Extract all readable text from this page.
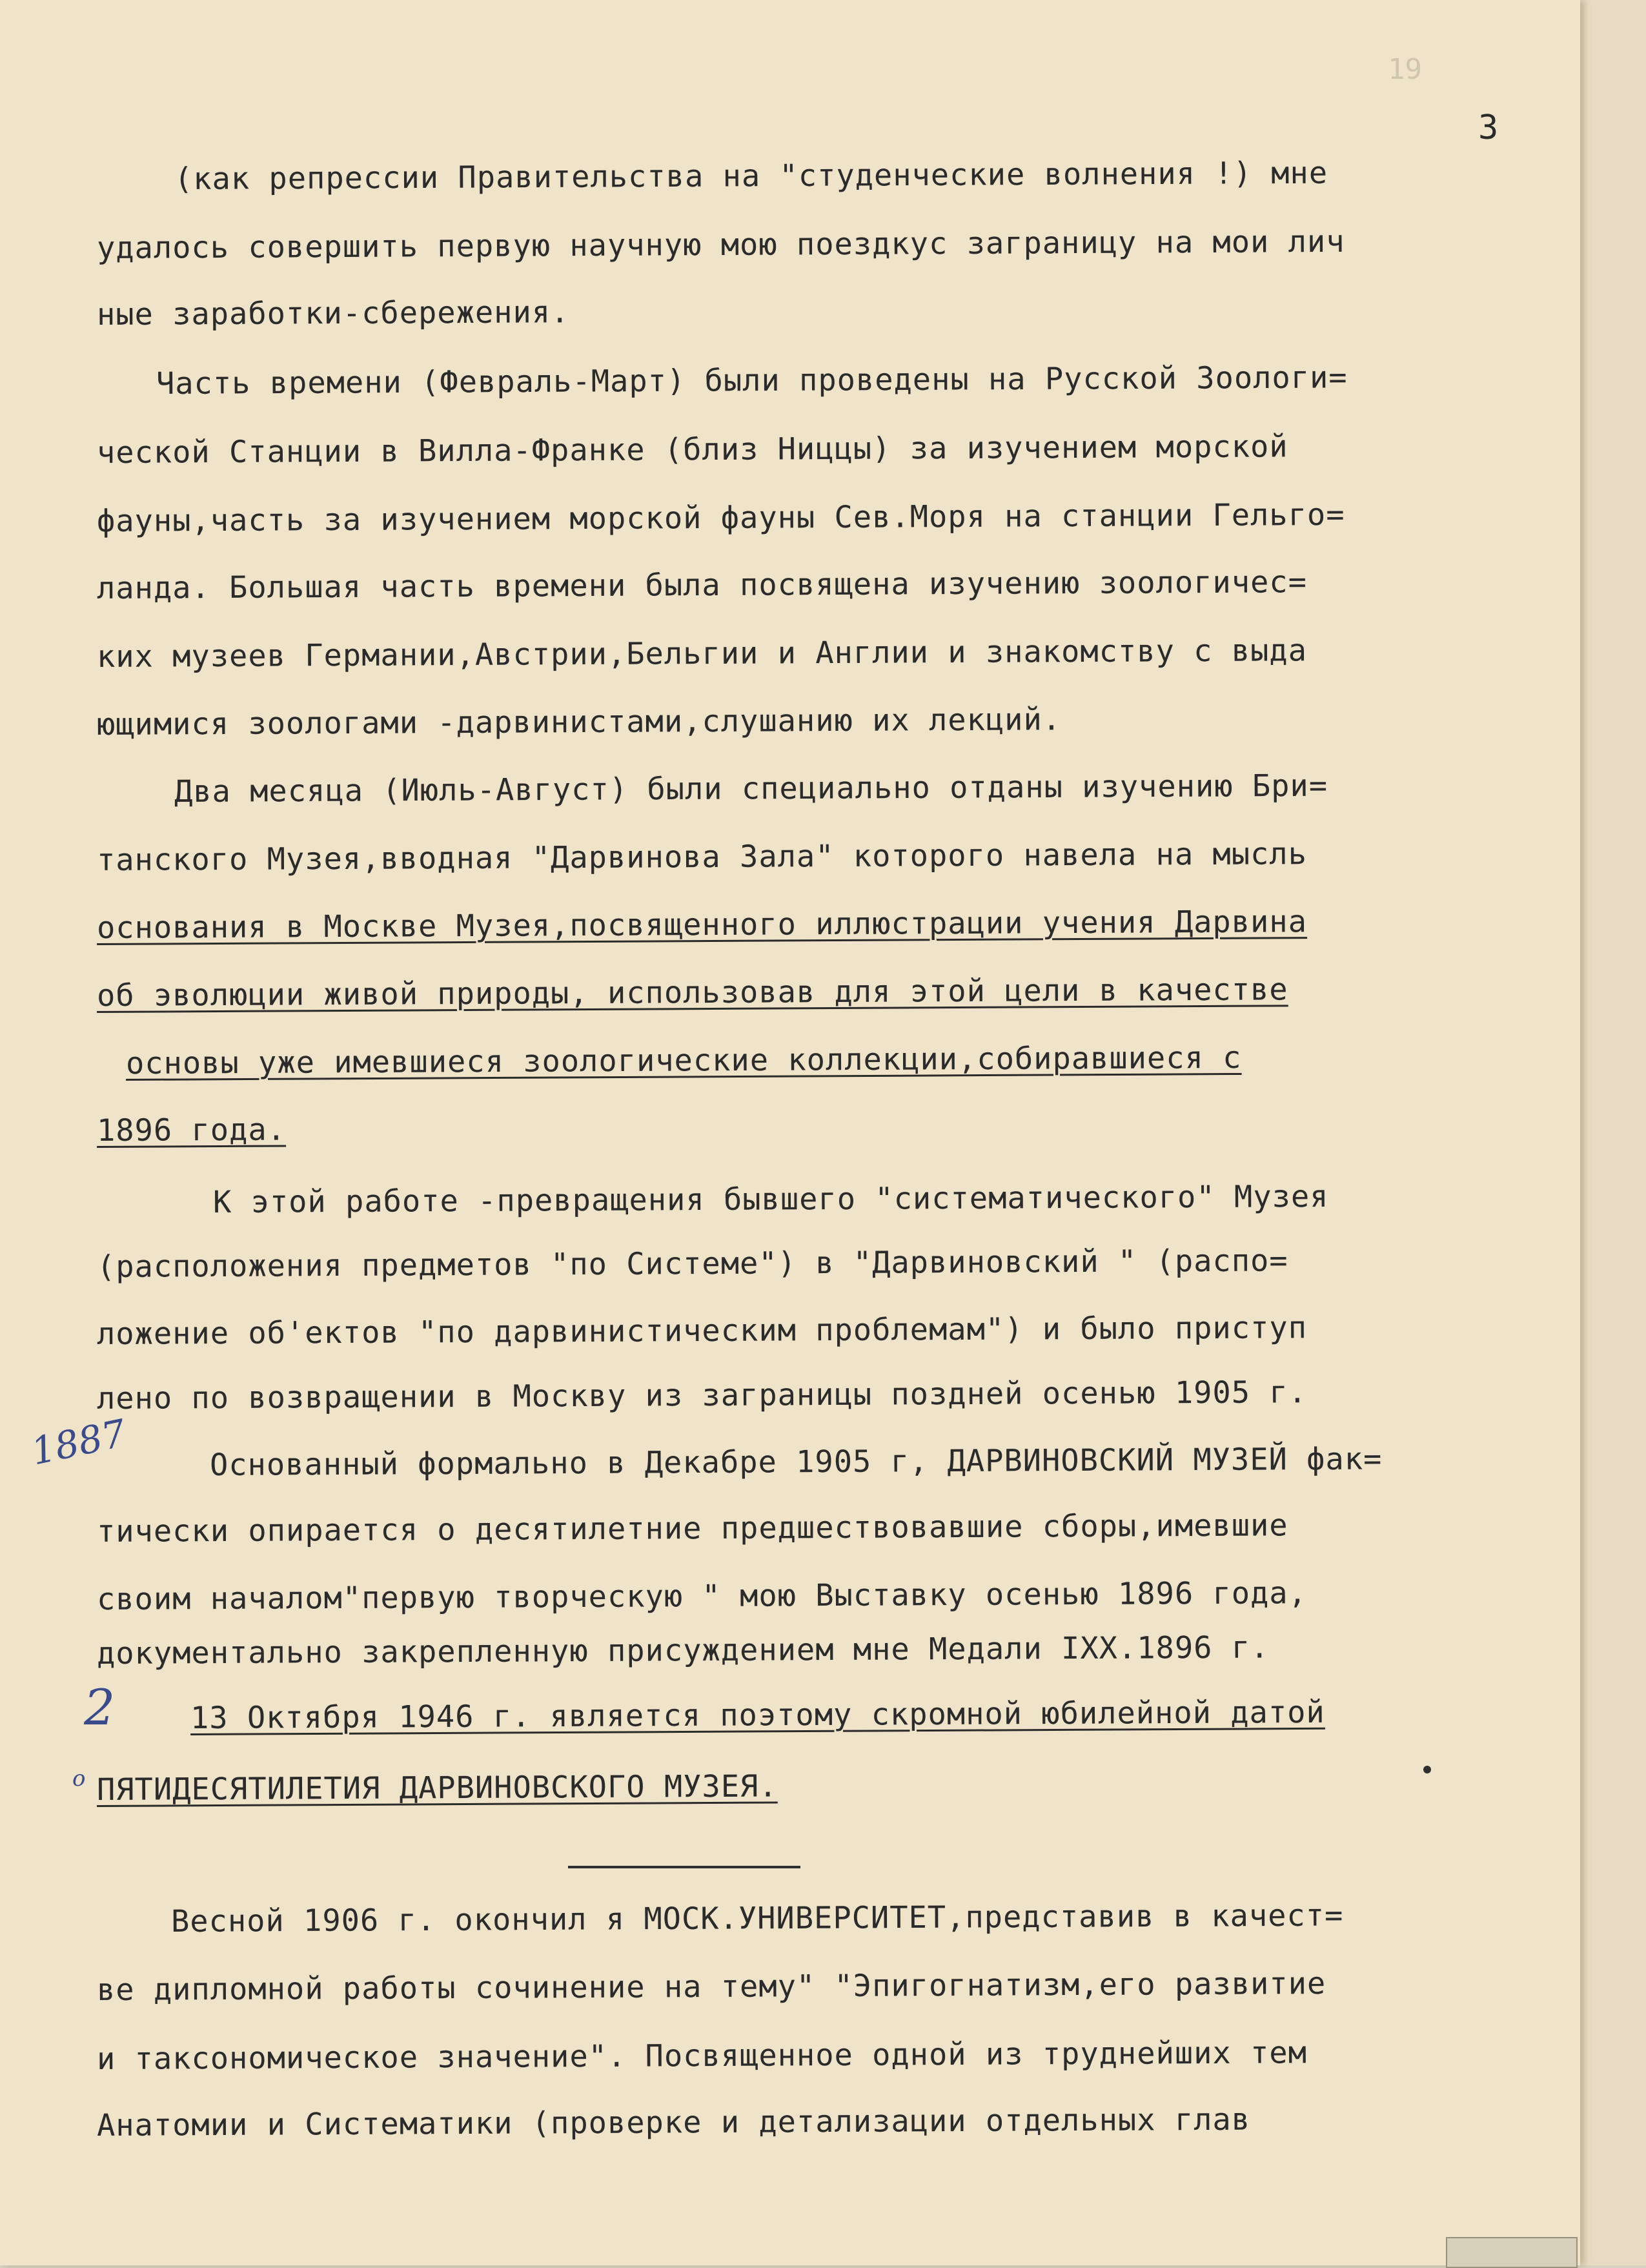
19
3
(как репрессии Правительства на "студенческие волнения !) мне
удалось совершить первую научную мою поездкус заграницу на мои лич
ные заработки-сбережения.
Часть времени (Февраль-Март) были проведены на Русской Зоологи=
ческой Станции в Вилла-Франке (близ Ниццы) за изучением морской
фауны,часть за изучением морской фауны Сев.Моря на станции Гельго=
ланда. Большая часть времени была посвящена изучению зоологичес=
ких музеев Германии,Австрии,Бельгии и Англии и знакомству с выда
ющимися зоологами -дарвинистами,слушанию их лекций.
Два месяца (Июль-Август) были специально отданы изучению Бри=
танского Музея,вводная "Дарвинова Зала" которого навела на мысль
основания в Москве Музея,посвященного иллюстрации учения Дарвина
об эволюции живой природы, использовав для этой цели в качестве
основы уже имевшиеся зоологические коллекции,собиравшиеся с
1896 года.
К этой работе -превращения бывшего "систематического" Музея
(расположения предметов "по Системе") в "Дарвиновский " (распо=
ложение об'ектов "по дарвинистическим проблемам") и было приступ
лено по возвращении в Москву из заграницы поздней осенью 1905 г.
Основанный формально в Декабре 1905 г, ДАРВИНОВСКИЙ МУЗЕЙ фак=
тически опирается о десятилетние предшествовавшие сборы,имевшие
своим началом"первую творческую " мою Выставку осенью 1896 года,
документально закрепленную присуждением мне Медали IXX.1896 г.
13 Октября 1946 г. является поэтому скромной юбилейной датой
ПЯТИДЕСЯТИЛЕТИЯ ДАРВИНОВСКОГО МУЗЕЯ.
Весной 1906 г. окончил я МОСК.УНИВЕРСИТЕТ,представив в качест=
ве дипломной работы сочинение на тему" "Эпигогнатизм,его развитие
и таксономическое значение". Посвященное одной из труднейших тем
Анатомии и Систематики (проверке и детализации отдельных глав
1887
2
o
